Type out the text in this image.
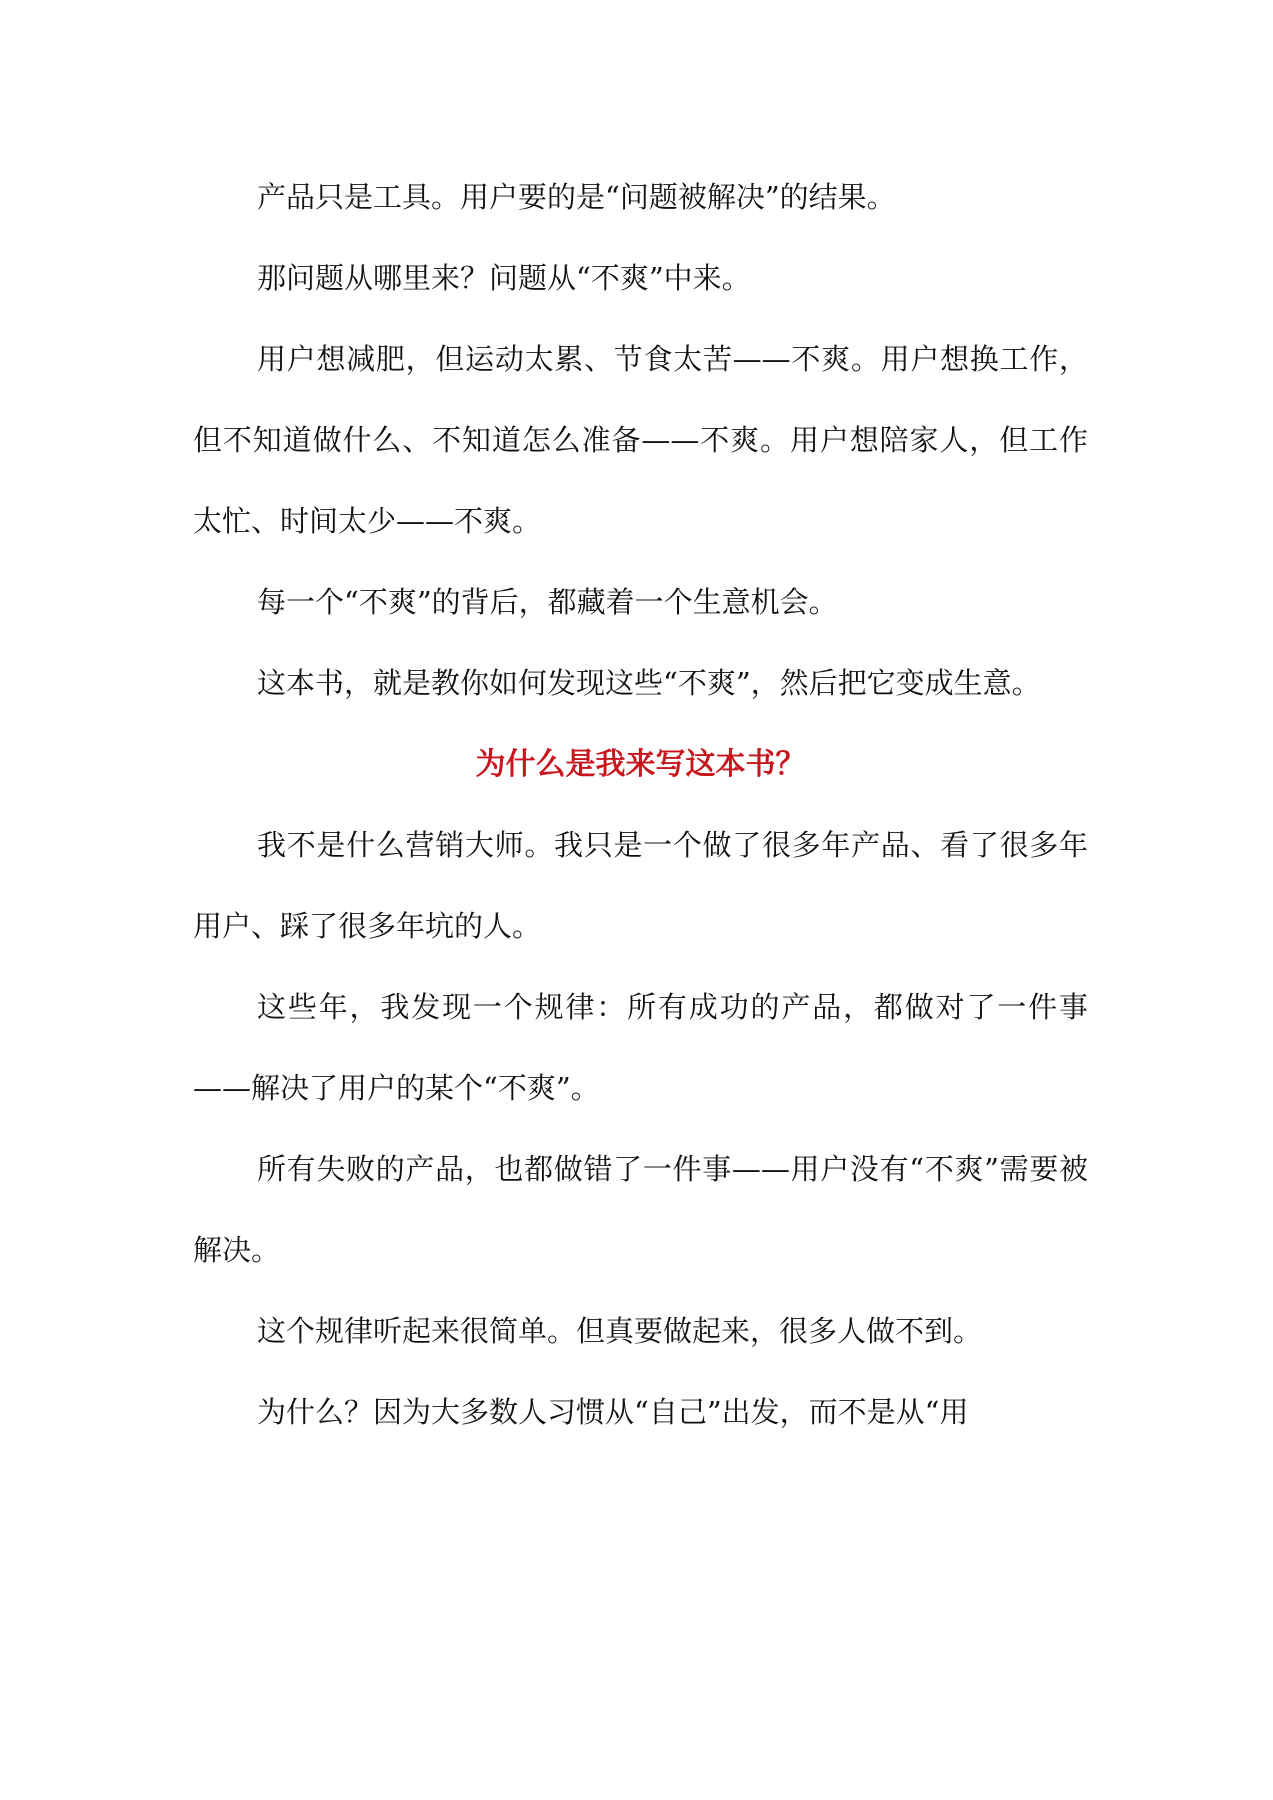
产品只是工具。用户要的是“问题被解决”的结果。

那问题从哪里来？问题从“不爽”中来。

用户想减肥，但运动太累、节食太苦——不爽。用户想换工作，但不知道做什么、不知道怎么准备——不爽。用户想陪家人，但工作太忙、时间太少——不爽。

每一个“不爽”的背后，都藏着一个生意机会。

这本书，就是教你如何发现这些“不爽”，然后把它变成生意。

为什么是我来写这本书？

我不是什么营销大师。我只是一个做了很多年产品、看了很多年用户、踩了很多年坑的人。

这些年，我发现一个规律：所有成功的产品，都做对了一件事——解决了用户的某个“不爽”。

所有失败的产品，也都做错了一件事——用户没有“不爽”需要被解决。

这个规律听起来很简单。但真要做起来，很多人做不到。

为什么？因为大多数人习惯从“自己”出发，而不是从“用
